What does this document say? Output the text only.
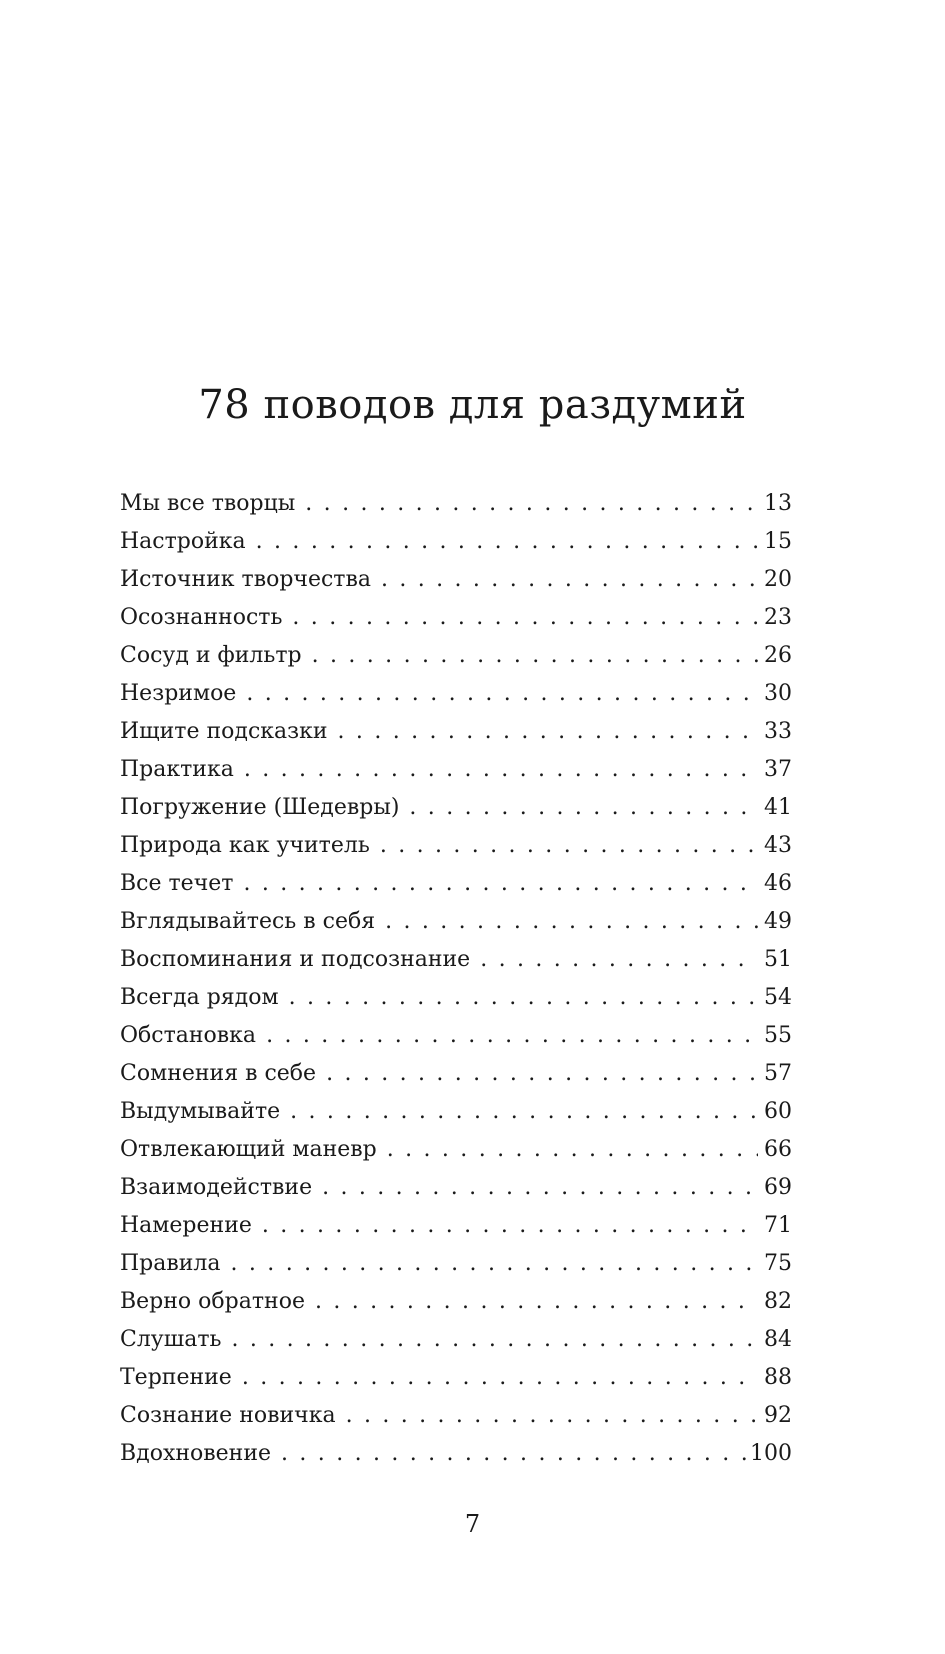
78 поводов для раздумий
Мы все творцы . . .	13
Настройка . . .	15
Источник творчества . . .	20
Осознанность . . .	23
Сосуд и фильтр . . .	26
Незримое . . .	30
Ищите подсказки . . .	33
Практика . . .	37
Погружение (Шедевры) . . .	41
Природа как учитель . . .	43
Все течет . . .	46
Вглядывайтесь в себя . . .	49
Воспоминания и подсознание . . .	51
Всегда рядом . . .	54
Обстановка . . .	55
Сомнения в себе . . .	57
Выдумывайте . . .	60
Отвлекающий маневр . . .	66
Взаимодействие . . .	69
Намерение . . .	71
Правила . . .	75
Верно обратное . . .	82
Слушать . . .	84
Терпение . . .	88
Сознание новичка . . .	92
Вдохновение . . .	100
7
